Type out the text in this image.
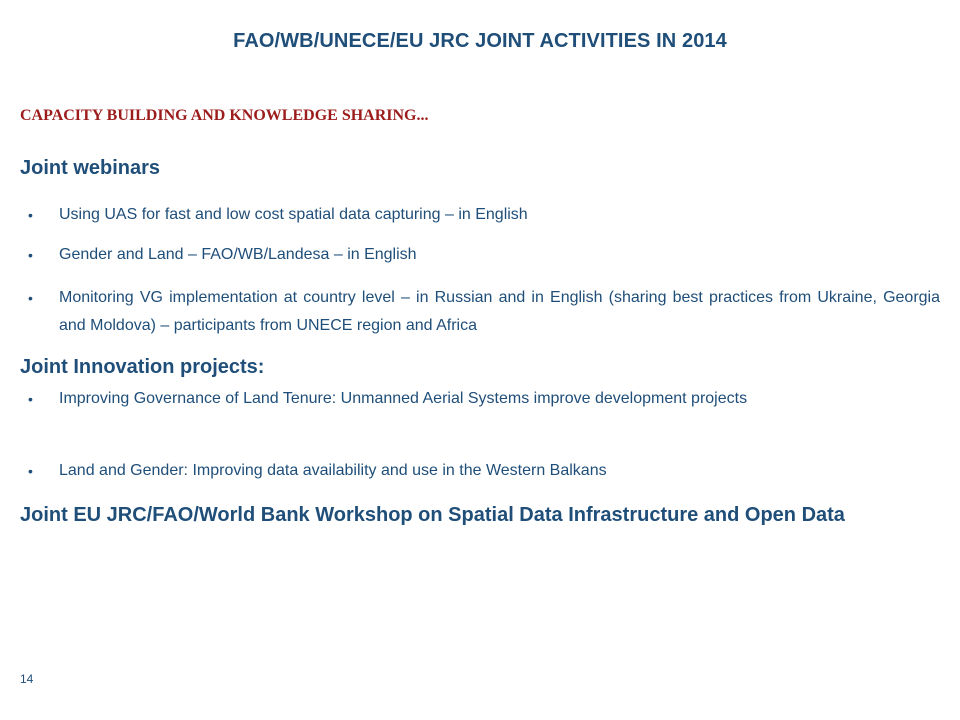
FAO/WB/UNECE/EU JRC JOINT ACTIVITIES IN 2014
CAPACITY BUILDING AND KNOWLEDGE SHARING...
Joint webinars
• Using UAS for fast and low cost spatial data capturing – in English
• Gender and Land – FAO/WB/Landesa – in English
• Monitoring VG implementation at country level – in Russian and in English (sharing best practices from Ukraine, Georgia and Moldova) – participants from UNECE region and Africa
Joint Innovation projects:
• Improving Governance of Land Tenure: Unmanned Aerial Systems improve development projects
• Land and Gender: Improving data availability and use in the Western Balkans
Joint EU JRC/FAO/World Bank Workshop on Spatial Data Infrastructure and Open Data
14
